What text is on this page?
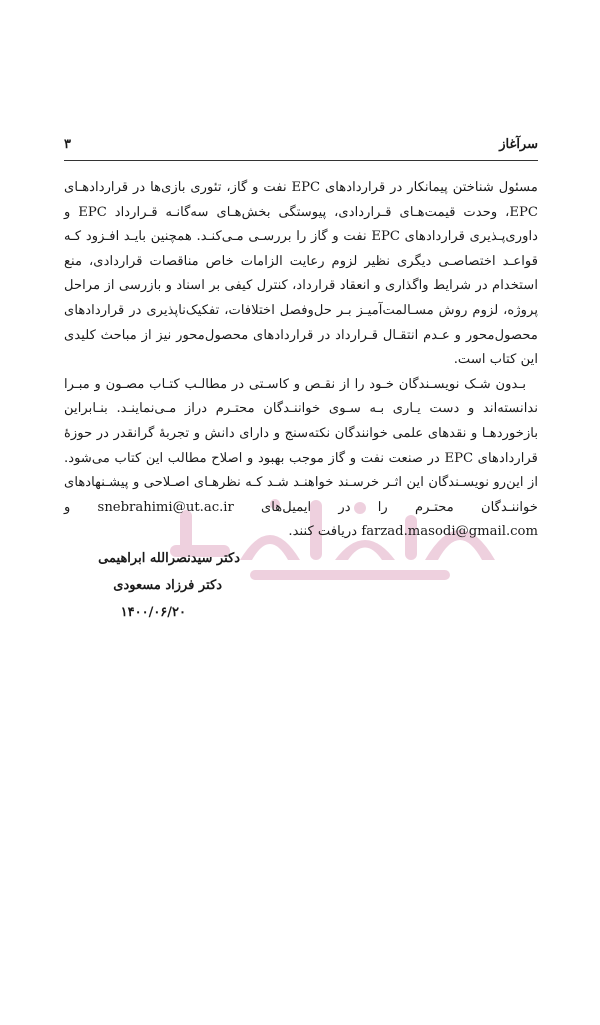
سرآغاز
۳

مسئول شناختن پیمانکار در قراردادهای EPC نفت و گاز، تئوری بازی‌ها در قراردادهـای EPC، وحدت قیمت‌هـای قـراردادی، پیوستگی بخش‌هـای سه‌گانـه قـرارداد EPC و داوری‌پـذیری قراردادهای EPC نفت و گاز را بررسـی مـی‌کنـد. همچنین بایـد افـزود کـه قواعـد اختصاصـی دیگری نظیر لزوم رعایت الزامات خاص مناقصات قراردادی، منع استخدام در شرایط واگذاری و انعقاد قرارداد، کنترل کیفی بر اسناد و بازرسی از مراحل پروژه، لزوم روش مسـالمت‌آمیـز بـر حل‌وفصل اختلافات، تفکیک‌ناپذیری در قراردادهای محصول‌محور و عـدم انتقـال قـرارداد در قراردادهای محصول‌محور نیز از مباحث کلیدی این کتاب است.

بـدون شـک نویسـندگان خـود را از نقـص و کاسـتی در مطالـب کتـاب مصـون و مبـرا ندانسته‌اند و دست یـاری بـه سـوی خواننـدگان محتـرم دراز مـی‌نماینـد. بنـابراین بازخوردهـا و نقدهای علمی خوانندگان نکته‌سنج و دارای دانش و تجربهٔ گرانقدر در حوزهٔ قراردادهای EPC در صنعت نفت و گاز موجب بهبود و اصلاح مطالب این کتاب می‌شود. از این‌رو نویسـندگان این اثـر خرسـند خواهنـد شـد کـه نظرهـای اصـلاحی و پیشـنهادهای خواننـدگان محتـرم را در ایمیل‌های snebrahimi@ut.ac.ir و farzad.masodi@gmail.com دریافت کنند.

دکتر سیدنصرالله ابراهیمی
دکتر فرزاد مسعودی
۱۴۰۰/۰۶/۲۰
